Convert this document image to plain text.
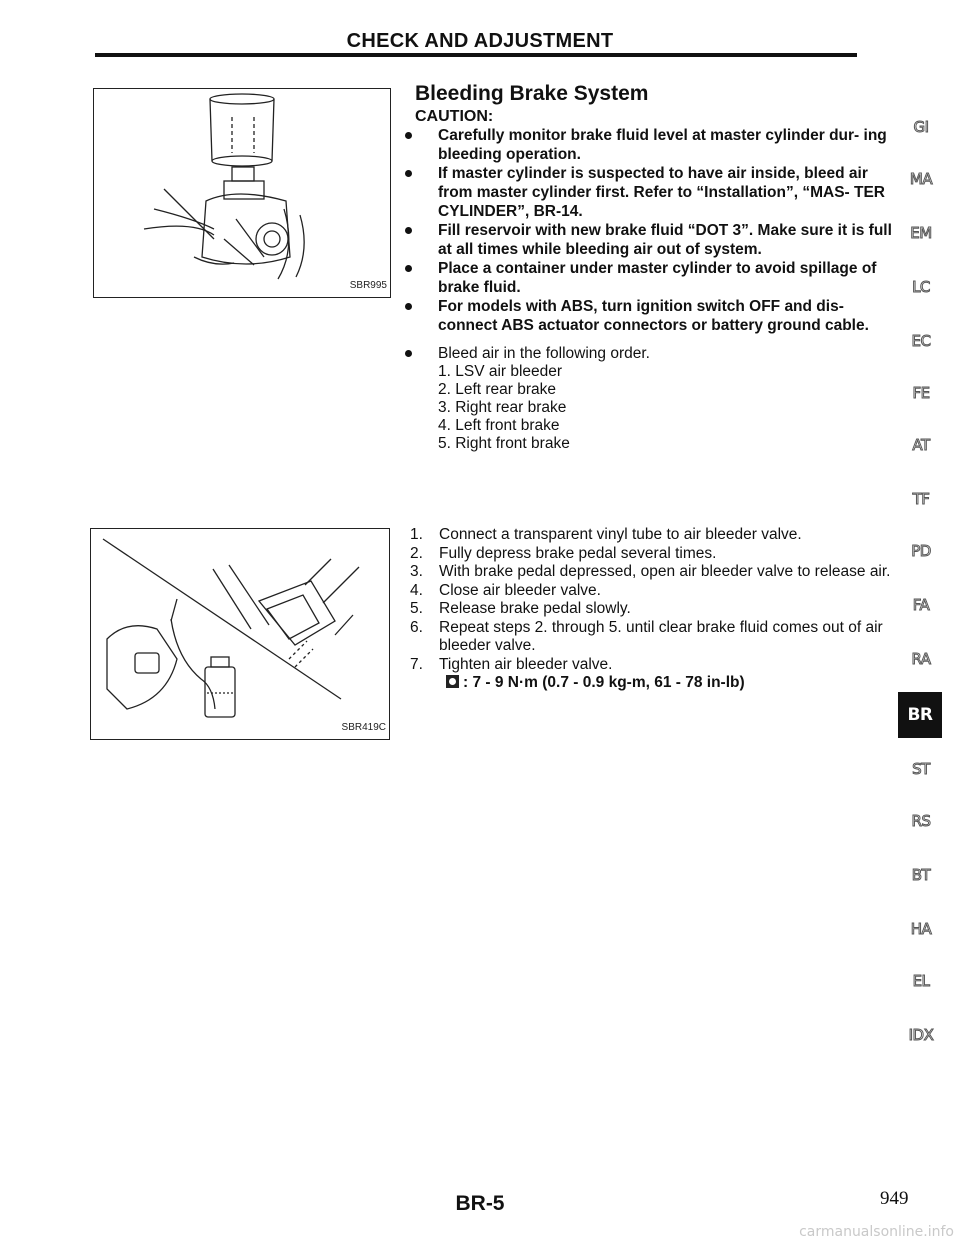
CHECK AND ADJUSTMENT
SBR995
Bleeding Brake System
CAUTION:
Carefully monitor brake fluid level at master cylinder dur- ing bleeding operation.
If master cylinder is suspected to have air inside, bleed air from master cylinder first. Refer to “Installation”, “MAS- TER CYLINDER”, BR-14.
Fill reservoir with new brake fluid “DOT 3”. Make sure it is full at all times while bleeding air out of system.
Place a container under master cylinder to avoid spillage of brake fluid.
For models with ABS, turn ignition switch OFF and dis- connect ABS actuator connectors or battery ground cable.
Bleed air in the following order.
1. LSV air bleeder
2. Left rear brake
3. Right rear brake
4. Left front brake
5. Right front brake
SBR419C
1. Connect a transparent vinyl tube to air bleeder valve.
2. Fully depress brake pedal several times.
3. With brake pedal depressed, open air bleeder valve to release air.
4. Close air bleeder valve.
5. Release brake pedal slowly.
6. Repeat steps 2. through 5. until clear brake fluid comes out of air bleeder valve.
7. Tighten air bleeder valve.
: 7 - 9 N·m (0.7 - 0.9 kg-m, 61 - 78 in-lb)
GI
MA
EM
LC
EC
FE
AT
TF
PD
FA
RA
BR
ST
RS
BT
HA
EL
IDX
BR-5	949
carmanualsonline.info
